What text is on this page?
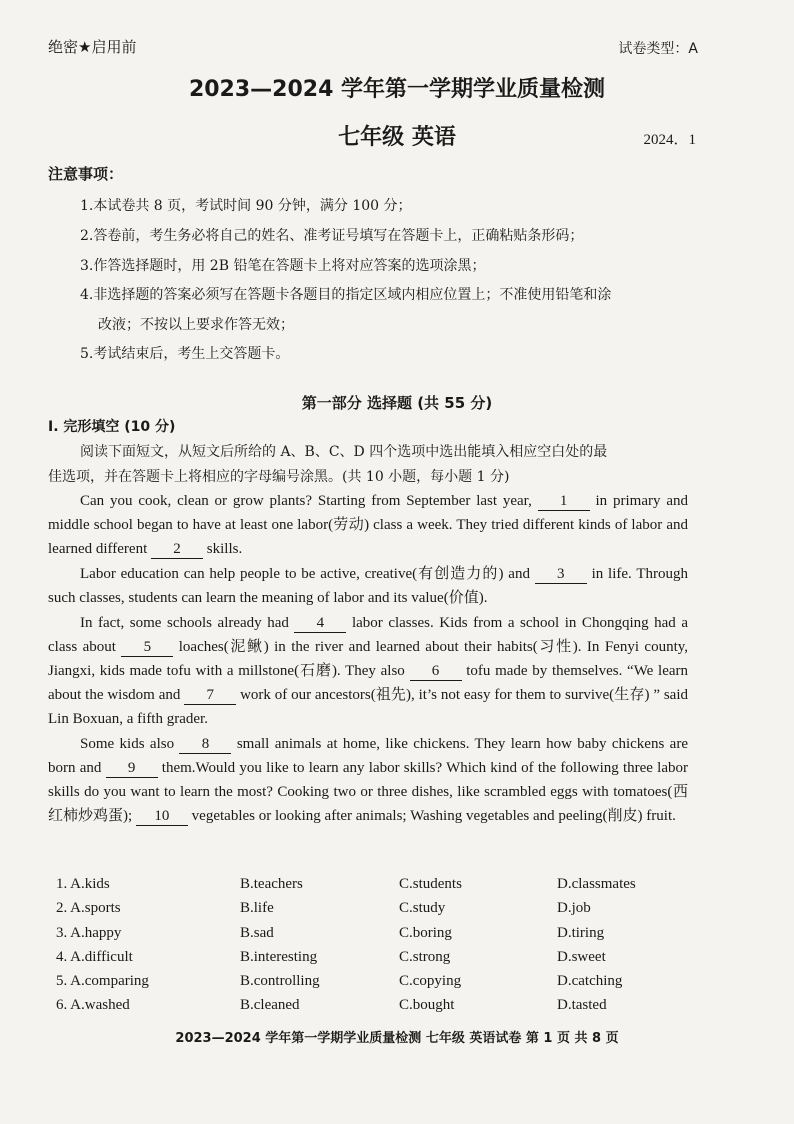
绝密★启用前	试卷类型：A
2023—2024 学年第一学期学业质量检测
七年级 英语	2024．1
注意事项：
1.本试卷共 8 页，考试时间 90 分钟，满分 100 分；
2.答卷前，考生务必将自己的姓名、准考证号填写在答题卡上，正确粘贴条形码；
3.作答选择题时，用 2B 铅笔在答题卡上将对应答案的选项涂黑；
4.非选择题的答案必须写在答题卡各题目的指定区域内相应位置上；不准使用铅笔和涂
改液；不按以上要求作答无效；
5.考试结束后，考生上交答题卡。
第一部分 选择题 (共 55 分)
I. 完形填空 (10 分)
阅读下面短文，从短文后所给的 A、B、C、D 四个选项中选出能填入相应空白处的最
佳选项，并在答题卡上将相应的字母编号涂黑。(共 10 小题，每小题 1 分)
Can you cook, clean or grow plants? Starting from September last year, 1 in primary and middle school began to have at least one labor(劳动) class a week. They tried different kinds of labor and learned different 2 skills.
Labor education can help people to be active, creative(有创造力的) and 3 in life. Through such classes, students can learn the meaning of labor and its value(价值).
In fact, some schools already had 4 labor classes. Kids from a school in Chongqing had a class about 5 loaches(泥鳅) in the river and learned about their habits(习性). In Fenyi county, Jiangxi, kids made tofu with a millstone(石磨). They also 6 tofu made by themselves. “We learn about the wisdom and 7 work of our ancestors(祖先), it’s not easy for them to survive(生存) ” said Lin Boxuan, a fifth grader.
Some kids also 8 small animals at home, like chickens. They learn how baby chickens are born and 9 them.Would you like to learn any labor skills? Which kind of the following three labor skills do you want to learn the most? Cooking two or three dishes, like scrambled eggs with tomatoes(西红柿炒鸡蛋); 10 vegetables or looking after animals; Washing vegetables and peeling(削皮) fruit.
1. A.kids	B.teachers	C.students	D.classmates
2. A.sports	B.life	C.study	D.job
3. A.happy	B.sad	C.boring	D.tiring
4. A.difficult	B.interesting	C.strong	D.sweet
5. A.comparing	B.controlling	C.copying	D.catching
6. A.washed	B.cleaned	C.bought	D.tasted
2023—2024 学年第一学期学业质量检测 七年级 英语试卷 第 1 页 共 8 页
